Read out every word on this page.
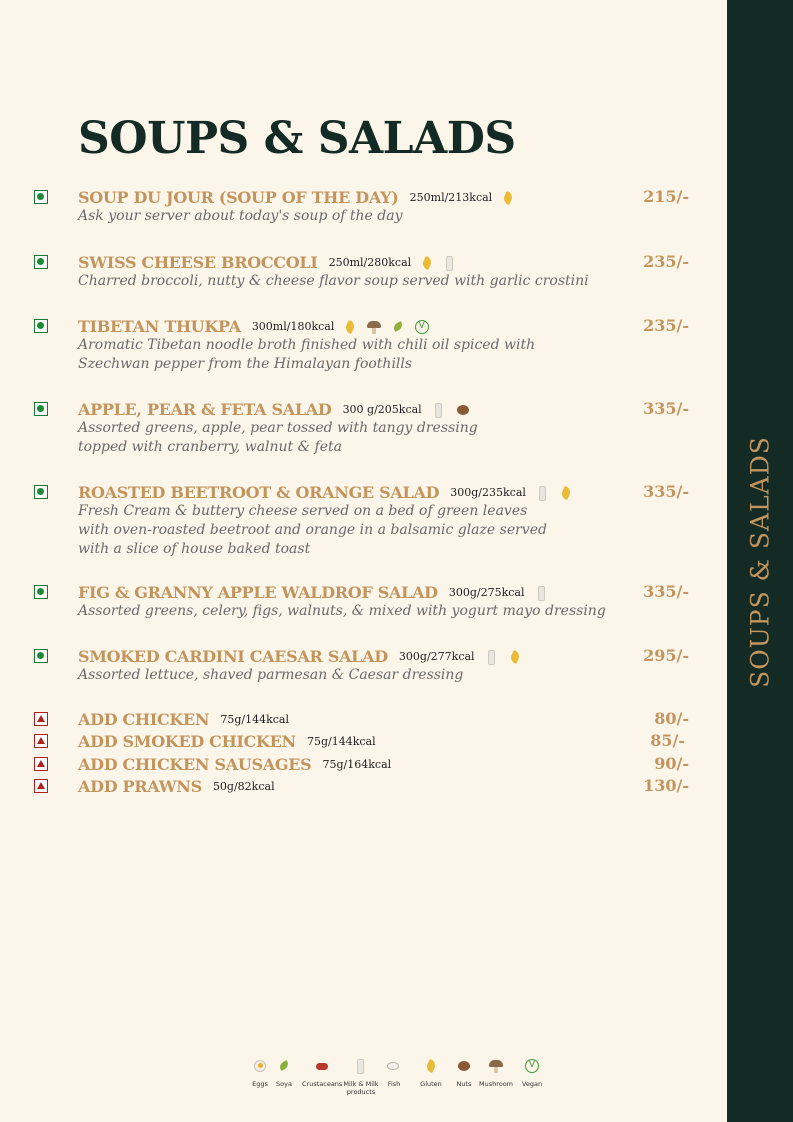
SOUPS & SALADS
SOUP DU JOUR (SOUP OF THE DAY) 250ml/213kcal	215/-
Ask your server about today's soup of the day
SWISS CHEESE BROCCOLI 250ml/280kcal	235/-
Charred broccoli, nutty & cheese flavor soup served with garlic crostini
TIBETAN THUKPA 300ml/180kcal	V	235/-
Aromatic Tibetan noodle broth finished with chili oil spiced with Szechwan pepper from the Himalayan foothills
APPLE, PEAR & FETA SALAD 300 g/205kcal	335/-
Assorted greens, apple, pear tossed with tangy dressing topped with cranberry, walnut & feta
ROASTED BEETROOT & ORANGE SALAD 300g/235kcal	335/-
Fresh Cream & buttery cheese served on a bed of green leaves with oven-roasted beetroot and orange in a balsamic glaze served with a slice of house baked toast
FIG & GRANNY APPLE WALDROF SALAD 300g/275kcal	335/-
Assorted greens, celery, figs, walnuts, & mixed with yogurt mayo dressing
SMOKED CARDINI CAESAR SALAD 300g/277kcal	295/-
Assorted lettuce, shaved parmesan & Caesar dressing
ADD CHICKEN 75g/144kcal	80/-
ADD SMOKED CHICKEN 75g/144kcal	85/-
ADD CHICKEN SAUSAGES 75g/164kcal	90/-
ADD PRAWNS 50g/82kcal	130/-
Eggs	Soya	Crustaceans Milk & Milk products
Fish	Gluten	Nuts	Mushroom
V
Vegan
SOUPS & SALADS
